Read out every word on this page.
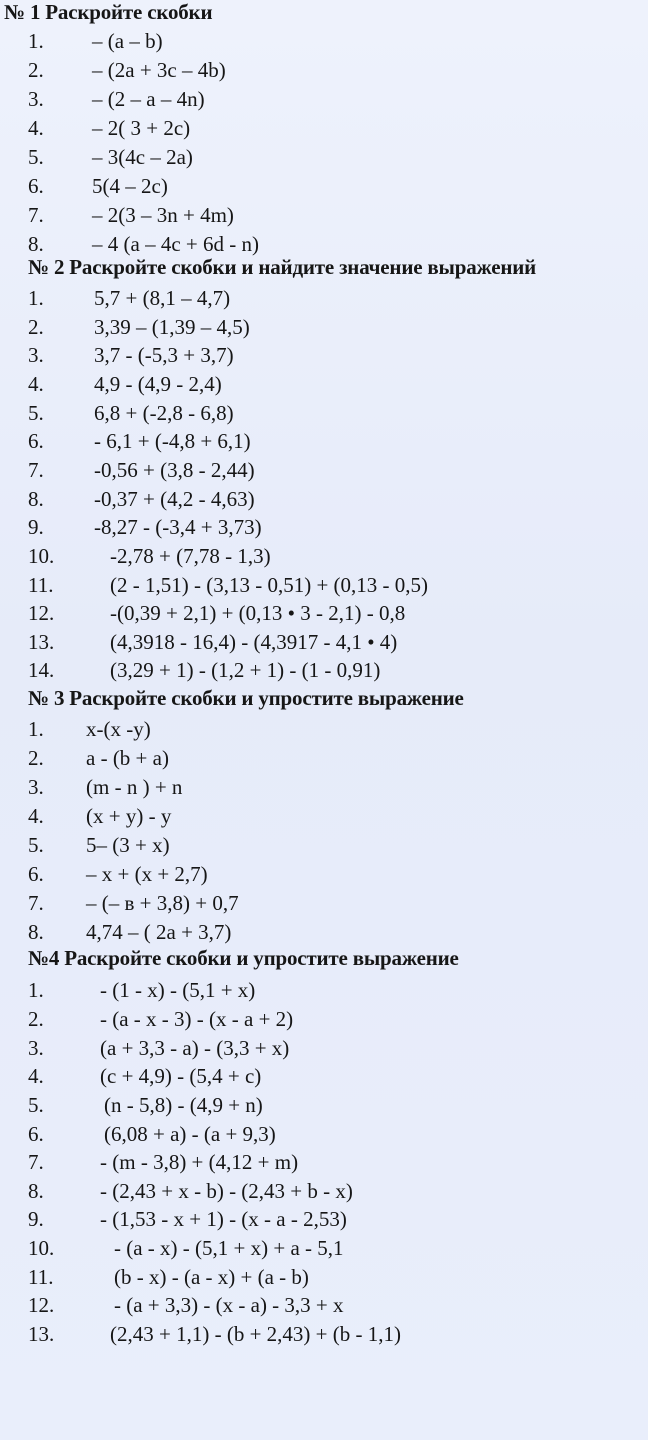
№ 1 Раскройте скобки
1. – (a – b)
2. – (2a + 3c – 4b)
3. – (2 – a – 4n)
4. – 2( 3 + 2c)
5. – 3(4c – 2a)
6. 5(4 – 2c)
7. – 2(3 – 3n + 4m)
8. – 4 (a – 4c + 6d - n)
№ 2 Раскройте скобки и найдите значение выражений
1. 5,7 + (8,1 – 4,7)
2. 3,39 – (1,39 – 4,5)
3. 3,7 - (-5,3 + 3,7)
4. 4,9 - (4,9 - 2,4)
5. 6,8 + (-2,8 - 6,8)
6. - 6,1 + (-4,8 + 6,1)
7. -0,56 + (3,8 - 2,44)
8. -0,37 + (4,2 - 4,63)
9. -8,27 - (-3,4 + 3,73)
10.	-2,78 + (7,78 - 1,3)
11.	(2 - 1,51) - (3,13 - 0,51) + (0,13 - 0,5)
12.	-(0,39 + 2,1) + (0,13 • 3 - 2,1) - 0,8
13.	(4,3918 - 16,4) - (4,3917 - 4,1 • 4)
14.	(3,29 + 1) - (1,2 + 1) - (1 - 0,91)
№ 3 Раскройте скобки и упростите выражение
1. x-(x -y)
2. a - (b + a)
3. (m - n ) + n
4. (x + y) - y
5. 5– (3 + x)
6. – x + (x + 2,7)
7. – (– в + 3,8) + 0,7
8. 4,74 – ( 2a + 3,7)
№4 Раскройте скобки и упростите выражение
1.	- (1 - x) - (5,1 + x)
2.	- (a - x - 3) - (x - a + 2)
3.	(a + 3,3 - a) - (3,3 + x)
4.	(c + 4,9) - (5,4 + c)
5.	(n - 5,8) - (4,9 + n)
6.	(6,08 + a) - (a + 9,3)
7.	- (m - 3,8) + (4,12 + m)
8.	- (2,43 + x - b) - (2,43 + b - x)
9.	- (1,53 - x + 1) - (x - a - 2,53)
10.	- (a - x) - (5,1 + x) + a - 5,1
11.	(b - x) - (a - x) + (a - b)
12.	- (a + 3,3) - (x - a) - 3,3 + x
13.	(2,43 + 1,1) - (b + 2,43) + (b - 1,1)
